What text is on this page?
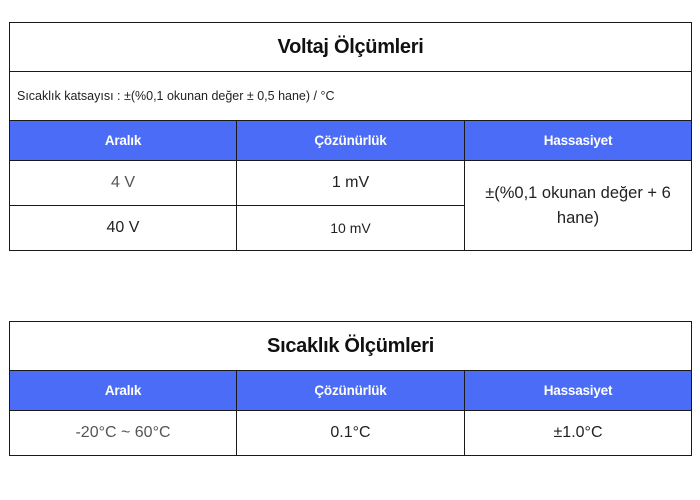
Voltaj Ölçümleri		
Sıcaklık katsayısı : ±(%0,1 okunan değer ± 0,5 hane) / °C		
Aralık	Çözünürlük	Hassasiyet
4 V	1 mV	±(%0,1 okunan değer + 6 hane)
40 V	10 mV	
Sıcaklık Ölçümleri		
Aralık	Çözünürlük	Hassasiyet
-20°C ~ 60°C	0.1°C	±1.0°C
